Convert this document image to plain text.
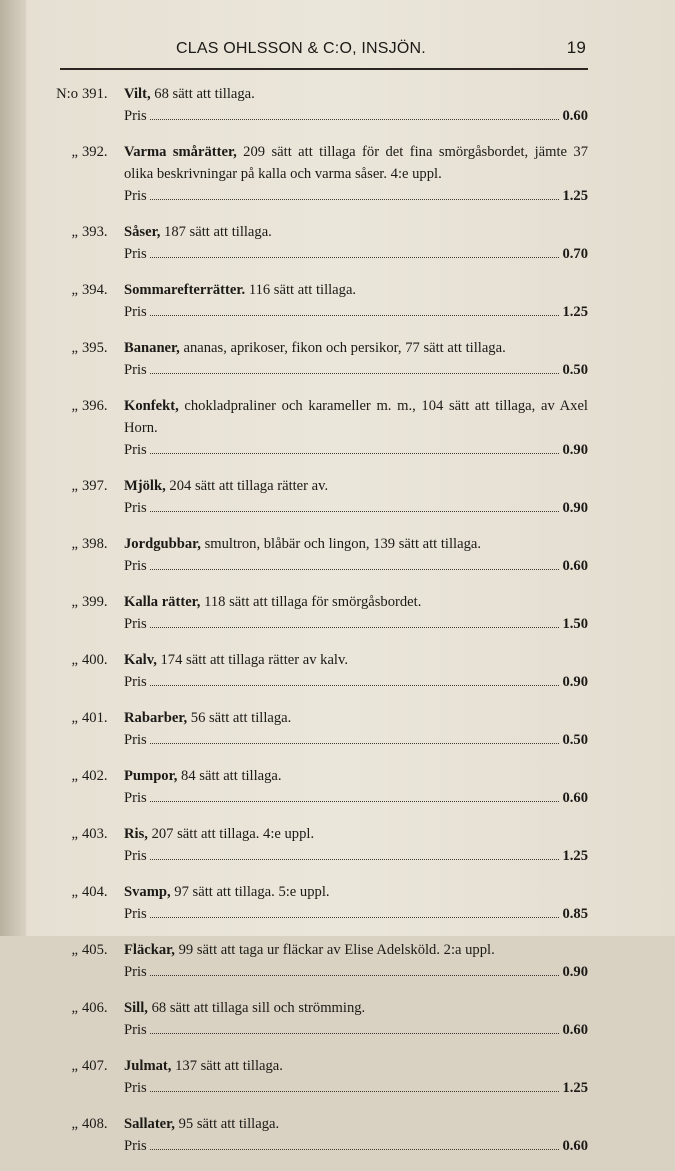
CLAS OHLSSON & C:O, INSJÖN.	19
N:o 391.	Vilt, 68 sätt att tillaga.
Pris	0.60
„ 392.	Varma smårätter, 209 sätt att tillaga för det fina smörgåsbordet, jämte 37 olika beskrivningar på kalla och varma såser. 4:e uppl.
Pris	1.25
„ 393.	Såser, 187 sätt att tillaga.
Pris	0.70
„ 394.	Sommarefterrätter. 116 sätt att tillaga.
Pris	1.25
„ 395.	Bananer, ananas, aprikoser, fikon och persikor, 77 sätt att tillaga.
Pris	0.50
„ 396.	Konfekt, chokladpraliner och karameller m. m., 104 sätt att tillaga, av Axel Horn.
Pris	0.90
„ 397.	Mjölk, 204 sätt att tillaga rätter av.
Pris	0.90
„ 398.	Jordgubbar, smultron, blåbär och lingon, 139 sätt att tillaga.
Pris	0.60
„ 399.	Kalla rätter, 118 sätt att tillaga för smörgåsbordet.
Pris	1.50
„ 400.	Kalv, 174 sätt att tillaga rätter av kalv.
Pris	0.90
„ 401.	Rabarber, 56 sätt att tillaga.
Pris	0.50
„ 402.	Pumpor, 84 sätt att tillaga.
Pris	0.60
„ 403.	Ris, 207 sätt att tillaga. 4:e uppl.
Pris	1.25
„ 404.	Svamp, 97 sätt att tillaga. 5:e uppl.
Pris	0.85
„ 405.	Fläckar, 99 sätt att taga ur fläckar av Elise Adelsköld. 2:a uppl.
Pris	0.90
„ 406.	Sill, 68 sätt att tillaga sill och strömming.
Pris	0.60
„ 407.	Julmat, 137 sätt att tillaga.
Pris	1.25
„ 408.	Sallater, 95 sätt att tillaga.
Pris	0.60
